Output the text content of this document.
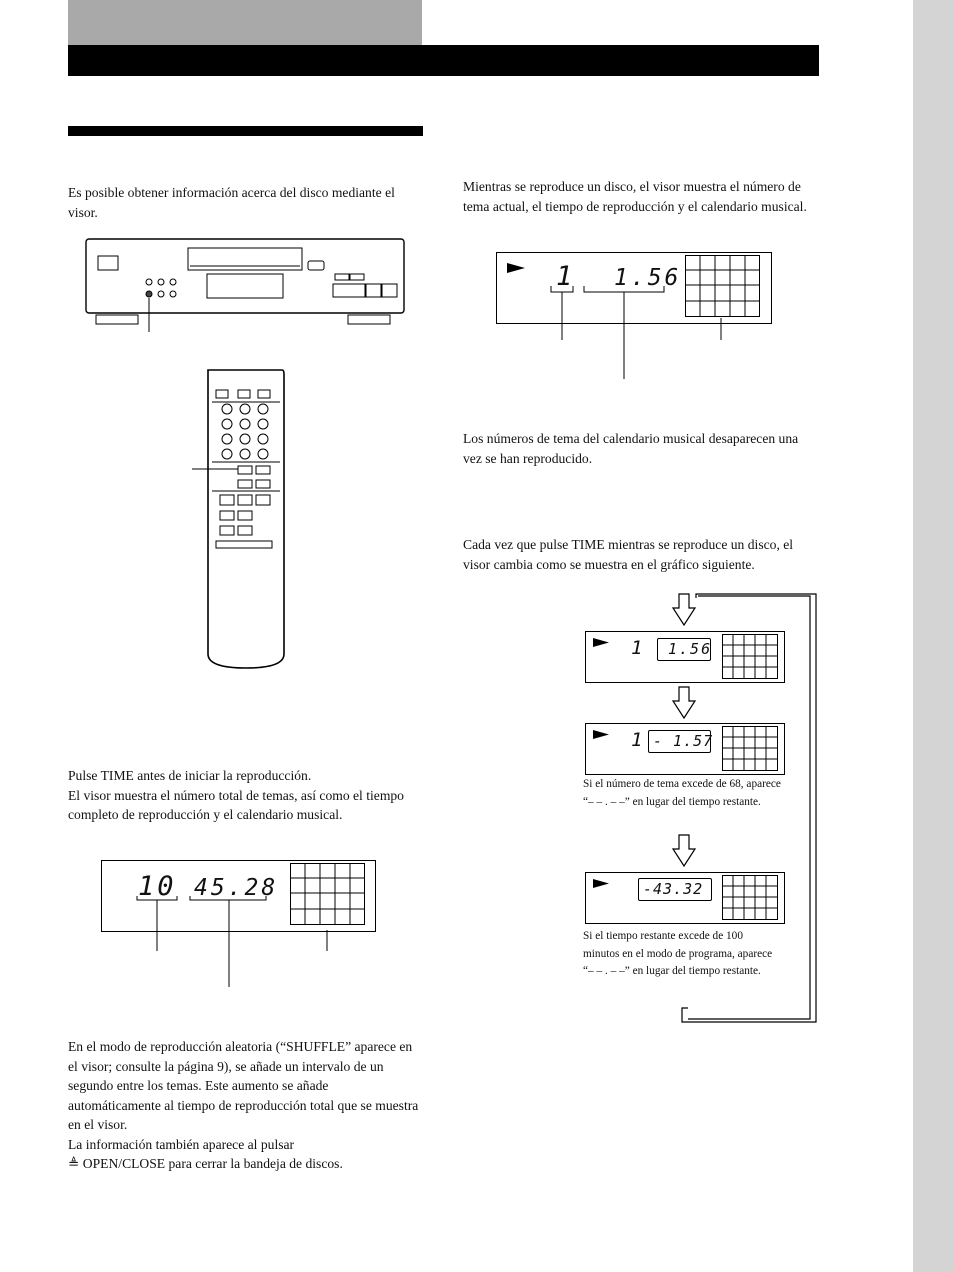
Es posible obtener información acerca del disco mediante el visor.

Pulse TIME antes de iniciar la reproducción.
El visor muestra el número total de temas, así como el tiempo completo de reproducción y el calendario musical.

10 45.28

En el modo de reproducción aleatoria (“SHUFFLE” aparece en el visor; consulte la página 9), se añade un intervalo de un segundo entre los temas. Este aumento se añade automáticamente al tiempo de reproducción total que se muestra en el visor.
La información también aparece al pulsar
≜ OPEN/CLOSE para cerrar la bandeja de discos.

Mientras se reproduce un disco, el visor muestra el número de tema actual, el tiempo de reproducción y el calendario musical.

1 1.56

Los números de tema del calendario musical desaparecen una vez se han reproducido.

Cada vez que pulse TIME mientras se reproduce un disco, el visor cambia como se muestra en el gráfico siguiente.

1 1.56
1 - 1.57

Si el número de tema excede de 68, aparece “– – . – –” en lugar del tiempo restante.

-43.32

Si el tiempo restante excede de 100 minutos en el modo de programa, aparece “– – . – –” en lugar del tiempo restante.
